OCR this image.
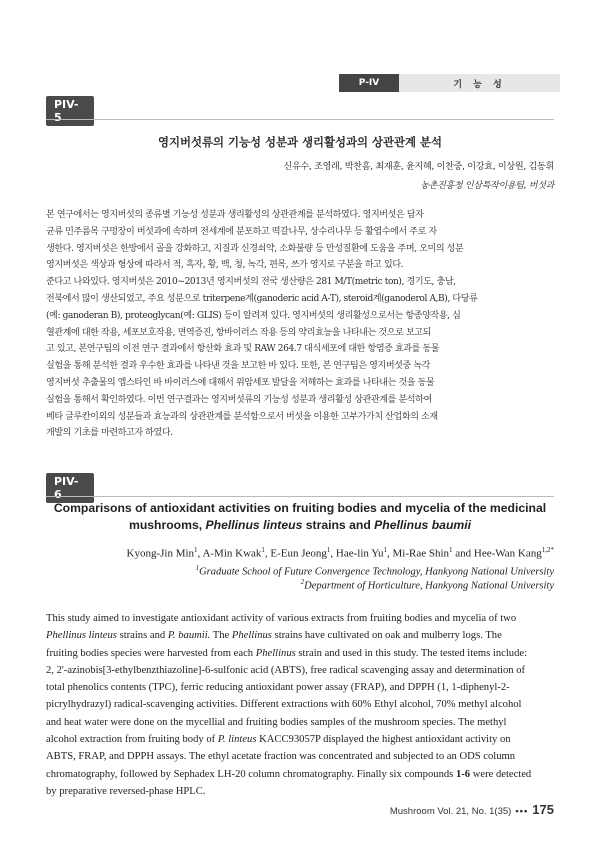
P-IV	기 능 성
PIV-5
영지버섯류의 기능성 성분과 생리활성과의 상관관계 분석
신유수, 조영래, 박찬흠, 최재훈, 윤지혜, 이찬중, 이강효, 이상원, 김동휘
농촌진흥청 인삼특작이용팀, 버섯과
본 연구에서는 영지버섯의 종류별 기능성 성분과 생리활성의 상관관계를 분석하였다. 영지버섯은 담자
균류 민주름목 구멍장이 버섯과에 속하며 전세계에 분포하고 떡갈나무, 상수리나무 등 활엽수에서 주로 자
생한다. 영지버섯은 한방에서 골을 강화하고, 지질과 신경쇠약, 소화불량 등 만성질환에 도움을 주며, 오미의 성분
영지버섯은 색상과 형상에 따라서 적, 흑자, 황, 백, 청, 녹각, 편목, 쓰가 영지로 구분을 하고 있다.
준다고 나와있다. 영지버섯은 2010~2013년 영지버섯의 전국 생산량은 281 M/T(metric ton), 경기도, 충남,
전북에서 많이 생산되었고, 주요 성분으로 triterpene계(ganoderic acid A-T), steroid계(ganoderol A,B), 다당류
(예: ganoderan B), proteoglycan(예: GLIS) 등이 알려져 있다. 영지버섯의 생리활성으로서는 항종양작용, 심
혈관계에 대한 작용, 세포보호작용, 면역증진, 항바이러스 작용 등의 약리효능을 나타내는 것으로 보고되
고 있고, 본연구팀의 이전 연구 결과에서 항산화 효과 및 RAW 264.7 대식세포에 대한 항염증 효과를 동물
실험을 통해 분석한 결과 우수한 효과를 나타낸 것을 보고한 바 있다. 또한, 본 연구팀은 영지버섯중 녹각
영지버섯 추출물의 엡스타인 바 바이러스에 대해서 위암세포 발달을 저해하는 효과를 나타내는 것을 동물
실험을 통해서 확인하였다. 이번 연구결과는 영지버섯류의 기능성 성분과 생리활성 상관관계를 분석하여
베타 글루칸이외의 성분들과 효능과의 상관관계를 분석함으로서 버섯을 이용한 고부가가치 산업화의 소재
개발의 기초를 마련하고자 하였다.
PIV-6
Comparisons of antioxidant activities on fruiting bodies and mycelia of the medicinal
mushrooms, Phellinus linteus strains and Phellinus baumii
Kyong-Jin Min$^1$, A-Min Kwak$^1$, E-Eun Jeong$^1$, Hae-lin Yu$^1$, Mi-Rae Shin$^1$ and Hee-Wan Kang$^{1,2*}$
$^1$Graduate School of Future Convergence Technology, Hankyong National University
$^2$Department of Horticulture, Hankyong National University
This study aimed to investigate antioxidant activity of various extracts from fruiting bodies and mycelia of two
Phellinus linteus strains and P. baumii. The Phellinus strains have cultivated on oak and mulberry logs. The
fruiting bodies species were harvested from each Phellinus strain and used in this study. The tested items include:
2, 2'-azinobis[3-ethylbenzthiazoline]-6-sulfonic acid (ABTS), free radical scavenging assay and determination of
total phenolics contents (TPC), ferric reducing antioxidant power assay (FRAP), and DPPH (1, 1-diphenyl-2-
picrylhydrazyl) radical-scavenging activities. Different extractions with 60% Ethyl alcohol, 70% methyl alcohol
and heat water were done on the mycellial and fruiting bodies samples of the mushroom species. The methyl
alcohol extraction from fruiting body of P. linteus KACC93057P displayed the highest antioxidant activity on
ABTS, FRAP, and DPPH assays. The ethyl acetate fraction was concentrated and subjected to an ODS column
chromatography, followed by Sephadex LH-20 column chromatography. Finally six compounds 1-6 were detected
by preparative reversed-phase HPLC.
Mushroom Vol. 21, No. 1(35) ••• 175
